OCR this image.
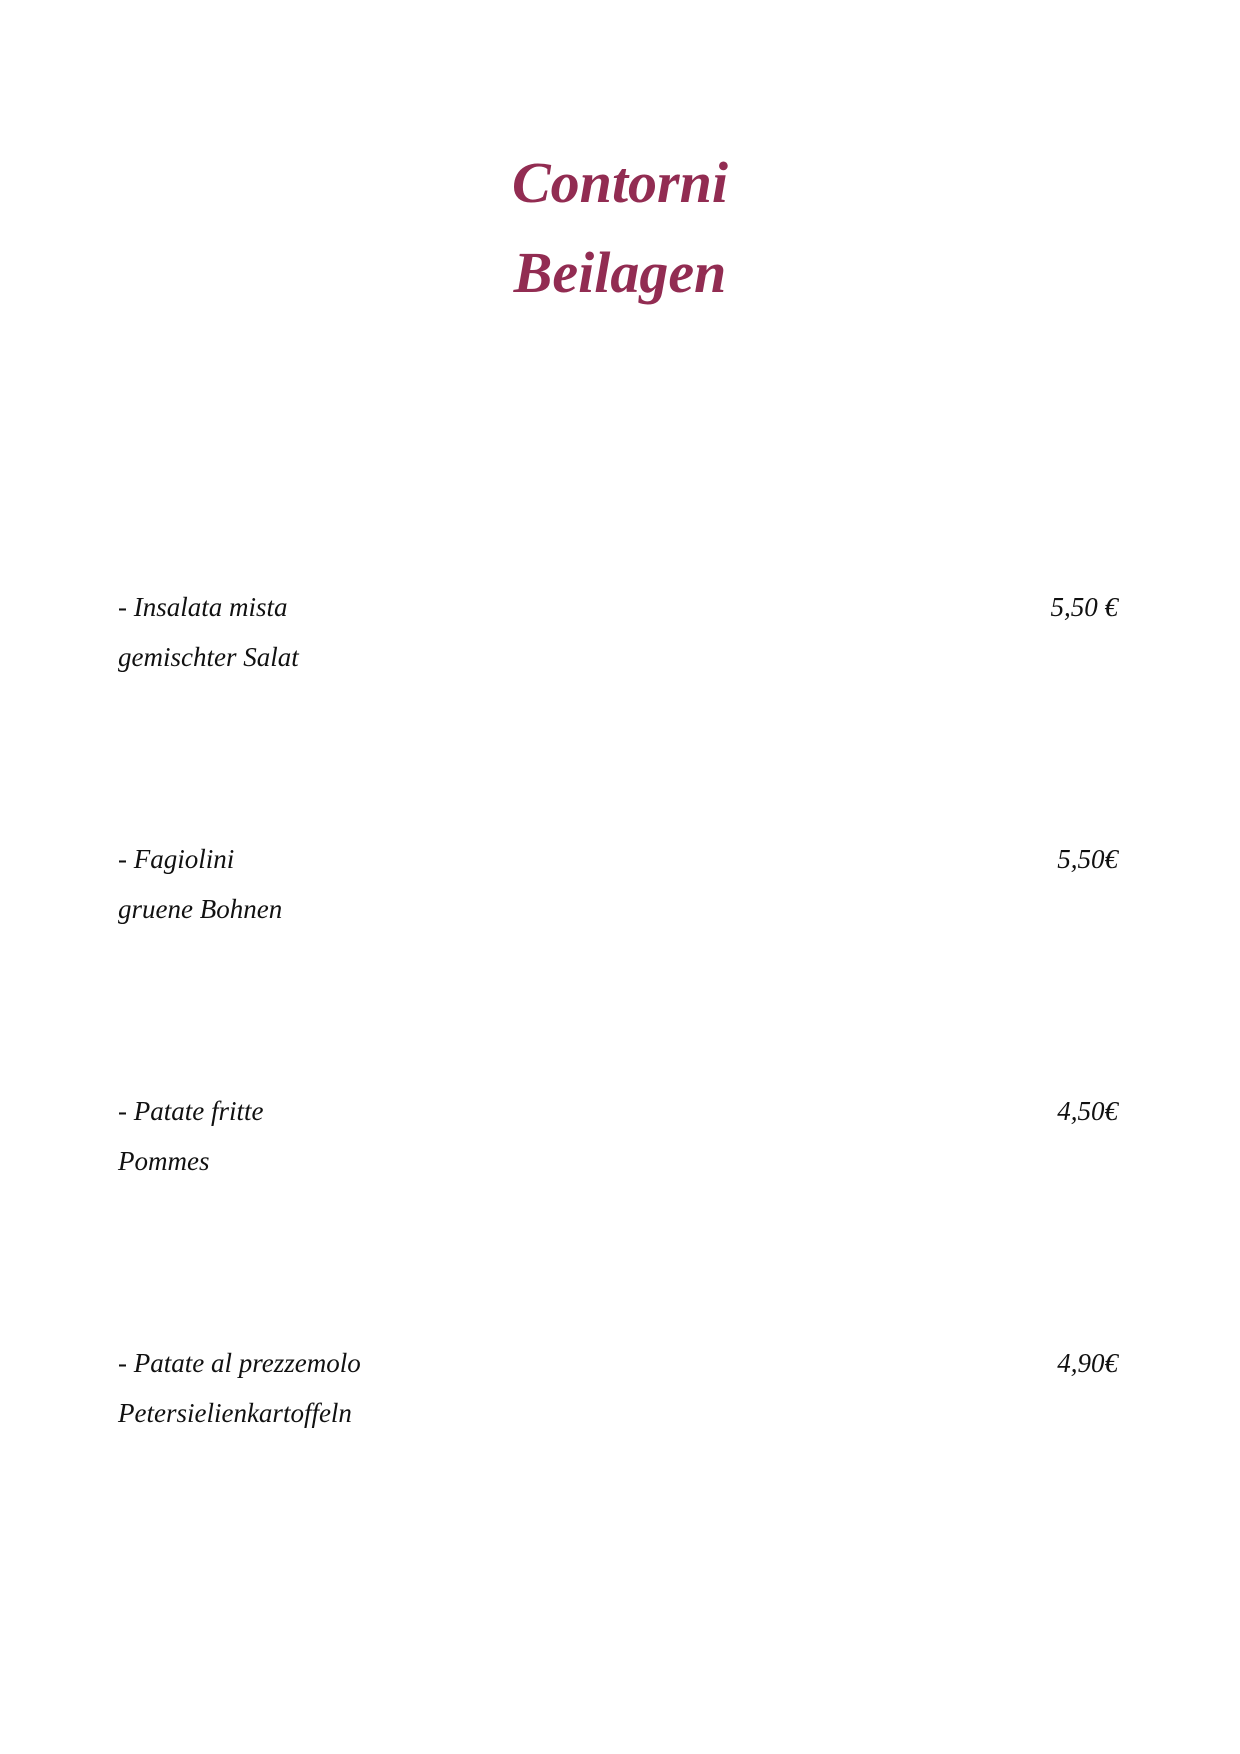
Contorni
Beilagen
- Insalata mista	5,50 €
gemischter Salat
- Fagiolini	5,50€
gruene Bohnen
- Patate fritte	4,50€
Pommes
- Patate al prezzemolo	4,90€
Petersielienkartoffeln
